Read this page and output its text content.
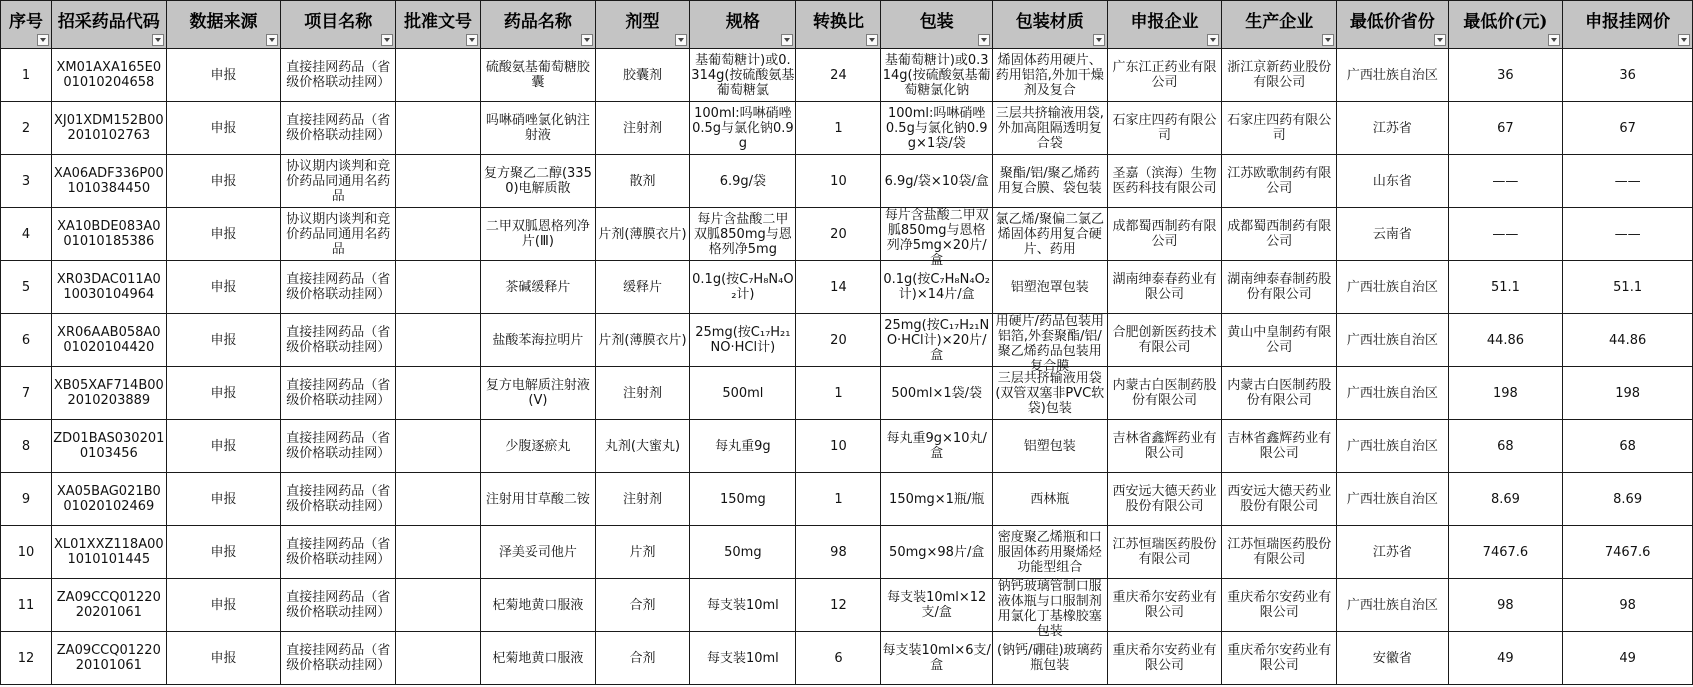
序号	招采药品代码	数据来源	项目名称	批准文号	药品名称	剂型	规格	转换比	包装	包装材质	申报企业	生产企业	最低价省份	最低价(元)	申报挂网价

1	XM01AXA165E001010204658	申报	直接挂网药品（省级价格联动挂网）		硫酸氨基葡萄糖胶囊	胶囊剂	基葡萄糖计)或0.314g(按硫酸氨基葡萄糖氯	24	基葡萄糖计)或0.314g(按硫酸氨基葡萄糖氯化钠	烯固体药用硬片、药用铝箔,外加干燥剂及复合	广东江正药业有限公司	浙江京新药业股份有限公司	广西壮族自治区	36	36

2	XJ01XDM152B002010102763	申报	直接挂网药品（省级价格联动挂网）		吗啉硝唑氯化钠注射液	注射剂	100ml:吗啉硝唑0.5g与氯化钠0.9g	1	100ml:吗啉硝唑0.5g与氯化钠0.9g×1袋/袋	三层共挤输液用袋,外加高阻隔透明复合袋	石家庄四药有限公司	石家庄四药有限公司	江苏省	67	67

3	XA06ADF336P001010384450	申报	协议期内谈判和竞价药品同通用名药品		复方聚乙二醇(3350)电解质散	散剂	6.9g/袋	10	6.9g/袋×10袋/盒	聚酯/铝/聚乙烯药用复合膜、袋包装	圣嘉（滨海）生物医药科技有限公司	江苏欧歌制药有限公司	山东省	——	——

4	XA10BDE083A001010185386	申报	协议期内谈判和竞价药品同通用名药品		二甲双胍恩格列净片(Ⅲ)	片剂(薄膜衣片)	每片含盐酸二甲双胍850mg与恩格列净5mg	20	每片含盐酸二甲双胍850mg与恩格列净5mg×20片/盒	氯乙烯/聚偏二氯乙烯固体药用复合硬片、药用	成都蜀西制药有限公司	成都蜀西制药有限公司	云南省	——	——

5	XR03DAC011A010030104964	申报	直接挂网药品（省级价格联动挂网）		茶碱缓释片	缓释片	0.1g(按C₇H₈N₄O₂计)	14	0.1g(按C₇H₈N₄O₂计)×14片/盒	铝塑泡罩包装	湖南绅泰春药业有限公司	湖南绅泰春制药股份有限公司	广西壮族自治区	51.1	51.1

6	XR06AAB058A001020104420	申报	直接挂网药品（省级价格联动挂网）		盐酸苯海拉明片	片剂(薄膜衣片)	25mg(按C₁₇H₂₁NO·HCl计)	20	25mg(按C₁₇H₂₁NO·HCl计)×20片/盒	用硬片/药品包装用铝箔,外套聚酯/铝/聚乙烯药品包装用复合膜	合肥创新医药技术有限公司	黄山中皇制药有限公司	广西壮族自治区	44.86	44.86

7	XB05XAF714B002010203889	申报	直接挂网药品（省级价格联动挂网）		复方电解质注射液(Ⅴ)	注射剂	500ml	1	500ml×1袋/袋	三层共挤输液用袋(双管双塞非PVC软袋)包装	内蒙古白医制药股份有限公司	内蒙古白医制药股份有限公司	广西壮族自治区	198	198

8	ZD01BAS0302010103456	申报	直接挂网药品（省级价格联动挂网）		少腹逐瘀丸	丸剂(大蜜丸)	每丸重9g	10	每丸重9g×10丸/盒	铝塑包装	吉林省鑫辉药业有限公司	吉林省鑫辉药业有限公司	广西壮族自治区	68	68

9	XA05BAG021B001020102469	申报	直接挂网药品（省级价格联动挂网）		注射用甘草酸二铵	注射剂	150mg	1	150mg×1瓶/瓶	西林瓶	西安远大德天药业股份有限公司	西安远大德天药业股份有限公司	广西壮族自治区	8.69	8.69

10	XL01XXZ118A001010101445	申报	直接挂网药品（省级价格联动挂网）		泽美妥司他片	片剂	50mg	98	50mg×98片/盒	密度聚乙烯瓶和口服固体药用聚烯烃功能型组合	江苏恒瑞医药股份有限公司	江苏恒瑞医药股份有限公司	江苏省	7467.6	7467.6

11	ZA09CCQ0122020201061	申报	直接挂网药品（省级价格联动挂网）		杞菊地黄口服液	合剂	每支装10ml	12	每支装10ml×12支/盒	钠钙玻璃管制口服液体瓶与口服制剂用氯化丁基橡胶塞包装	重庆希尔安药业有限公司	重庆希尔安药业有限公司	广西壮族自治区	98	98

12	ZA09CCQ0122020101061	申报	直接挂网药品（省级价格联动挂网）		杞菊地黄口服液	合剂	每支装10ml	6	每支装10ml×6支/盒	(钠钙/硼硅)玻璃药瓶包装	重庆希尔安药业有限公司	重庆希尔安药业有限公司	安徽省	49	49
